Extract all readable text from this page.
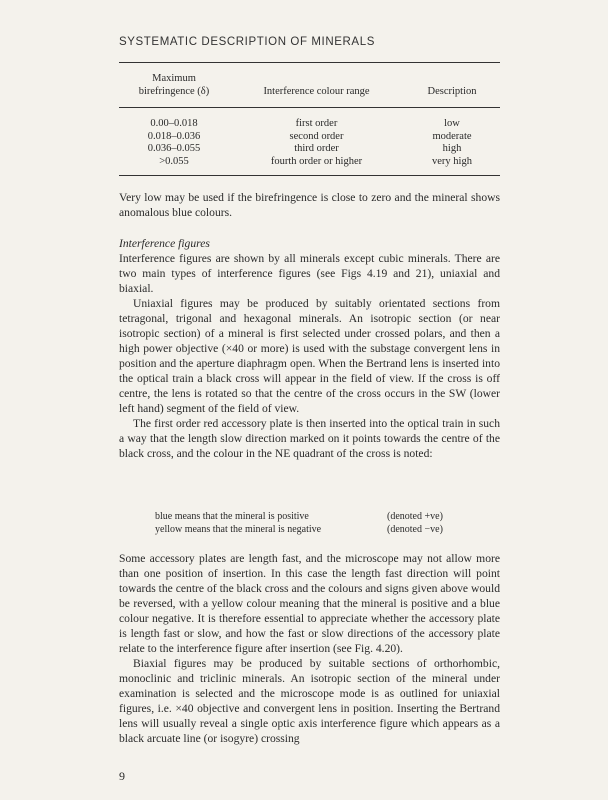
SYSTEMATIC DESCRIPTION OF MINERALS
Maximum
birefringence (δ)	Interference colour range	Description
0.00–0.018	first order	low
0.018–0.036	second order	moderate
0.036–0.055	third order	high
>0.055	fourth order or higher	very high

Very low may be used if the birefringence is close to zero and the mineral shows anomalous blue colours.

Interference figures

Interference figures are shown by all minerals except cubic minerals. There are two main types of interference figures (see Figs 4.19 and 21), uniaxial and biaxial.

Uniaxial figures may be produced by suitably orientated sections from tetragonal, trigonal and hexagonal minerals. An isotropic section (or near isotropic section) of a mineral is first selected under crossed polars, and then a high power objective (×40 or more) is used with the substage convergent lens in position and the aperture diaphragm open. When the Bertrand lens is inserted into the optical train a black cross will appear in the field of view. If the cross is off centre, the lens is rotated so that the centre of the cross occurs in the SW (lower left hand) segment of the field of view.

The first order red accessory plate is then inserted into the optical train in such a way that the length slow direction marked on it points towards the centre of the black cross, and the colour in the NE quadrant of the cross is noted:

blue means that the mineral is positive	(denoted +ve)
yellow means that the mineral is negative	(denoted −ve)

Some accessory plates are length fast, and the microscope may not allow more than one position of insertion. In this case the length fast direction will point towards the centre of the black cross and the colours and signs given above would be reversed, with a yellow colour meaning that the mineral is positive and a blue colour negative. It is therefore essential to appreciate whether the accessory plate is length fast or slow, and how the fast or slow directions of the accessory plate relate to the interference figure after insertion (see Fig. 4.20).

Biaxial figures may be produced by suitable sections of orthorhombic, monoclinic and triclinic minerals. An isotropic section of the mineral under examination is selected and the microscope mode is as outlined for uniaxial figures, i.e. ×40 objective and convergent lens in position. Inserting the Bertrand lens will usually reveal a single optic axis interference figure which appears as a black arcuate line (or isogyre) crossing

9
